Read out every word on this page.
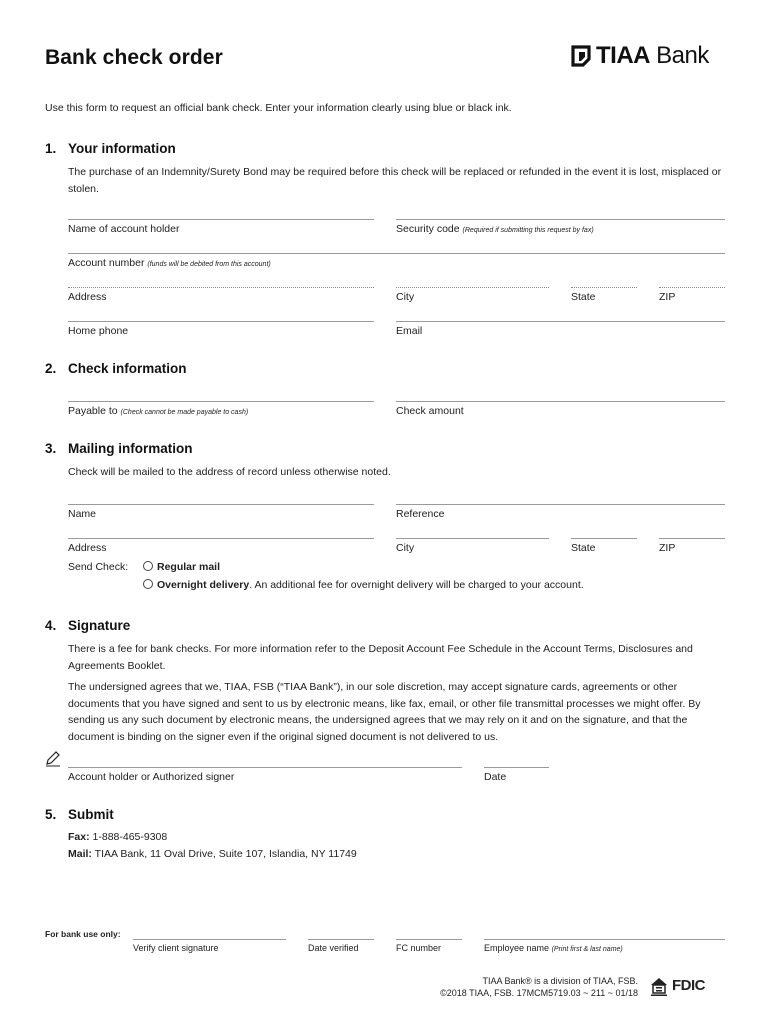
Bank check order	TIAA Bank
Use this form to request an official bank check. Enter your information clearly using blue or black ink.
1. Your information
The purchase of an Indemnity/Surety Bond may be required before this check will be replaced or refunded in the event it is lost, misplaced or stolen.
Name of account holder	Security code (Required if submitting this request by fax)
Account number (funds will be debited from this account)
Address	City	State	ZIP
Home phone	Email
2. Check information
Payable to (Check cannot be made payable to cash)	Check amount
3. Mailing information
Check will be mailed to the address of record unless otherwise noted.
Name	Reference
Address	City	State	ZIP
Send Check:	Regular mail
Overnight delivery. An additional fee for overnight delivery will be charged to your account.
4. Signature
There is a fee for bank checks. For more information refer to the Deposit Account Fee Schedule in the Account Terms, Disclosures and Agreements Booklet.
The undersigned agrees that we, TIAA, FSB (“TIAA Bank”), in our sole discretion, may accept signature cards, agreements or other documents that you have signed and sent to us by electronic means, like fax, email, or other file transmittal processes we might offer. By sending us any such document by electronic means, the undersigned agrees that we may rely on it and on the signature, and that the document is binding on the signer even if the original signed document is not delivered to us.
Account holder or Authorized signer	Date
5. Submit
Fax: 1-888-465-9308
Mail: TIAA Bank, 11 Oval Drive, Suite 107, Islandia, NY 11749
For bank use only:
Verify client signature	Date verified	FC number	Employee name (Print first & last name)
TIAA Bank® is a division of TIAA, FSB.
©2018 TIAA, FSB. 17MCM5719.03 ~ 211 ~ 01/18 FDIC
